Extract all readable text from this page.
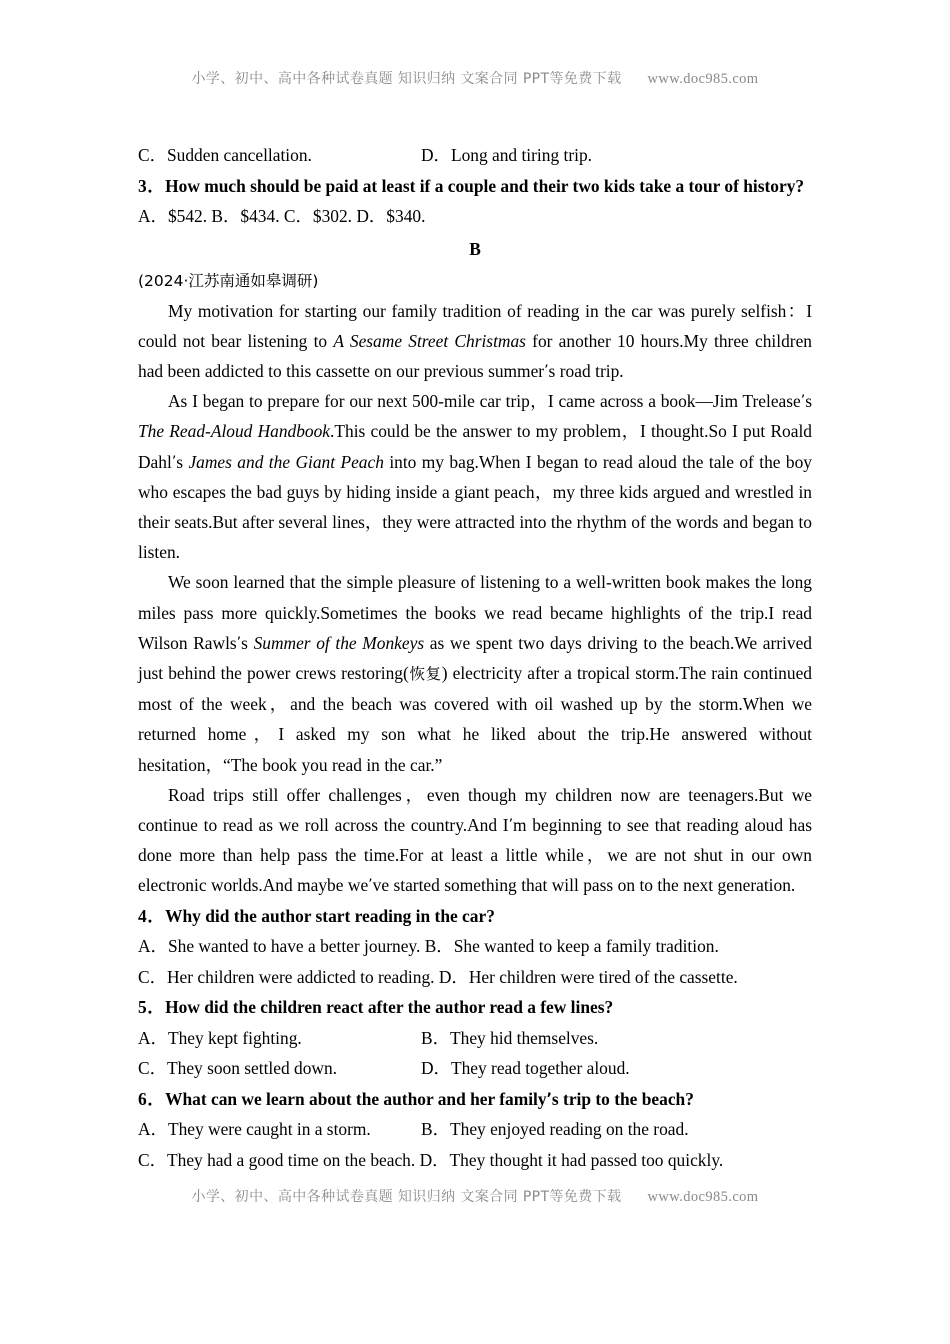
小学、初中、高中各种试卷真题 知识归纳 文案合同 PPT等免费下载 www.doc985.com

C．Sudden cancellation.	D．Long and tiring trip.

3．How much should be paid at least if a couple and their two kids take a tour of history?

A．$542. B．$434. C．$302. D．$340.

B

(2024·江苏南通如皋调研)

My motivation for starting our family tradition of reading in the car was purely selfish：I could not bear listening to A Sesame Street Christmas for another 10 hours.My three children had been addicted to this cassette on our previous summer’s road trip.

As I began to prepare for our next 500-mile car trip，I came across a book—Jim Trelease’s The Read-Aloud Handbook.This could be the answer to my problem，I thought.So I put Roald Dahl’s James and the Giant Peach into my bag.When I began to read aloud the tale of the boy who escapes the bad guys by hiding inside a giant peach，my three kids argued and wrestled in their seats.But after several lines，they were attracted into the rhythm of the words and began to listen.

We soon learned that the simple pleasure of listening to a well-written book makes the long miles pass more quickly.Sometimes the books we read became highlights of the trip.I read Wilson Rawls’s Summer of the Monkeys as we spent two days driving to the beach.We arrived just behind the power crews restoring(恢复) electricity after a tropical storm.The rain continued most of the week，and the beach was covered with oil washed up by the storm.When we returned home，I asked my son what he liked about the trip.He answered without hesitation，“The book you read in the car.”

Road trips still offer challenges，even though my children now are teenagers.But we continue to read as we roll across the country.And I’m beginning to see that reading aloud has done more than help pass the time.For at least a little while，we are not shut in our own electronic worlds.And maybe we’ve started something that will pass on to the next generation.

4．Why did the author start reading in the car?

A．She wanted to have a better journey. B．She wanted to keep a family tradition.

C．Her children were addicted to reading. D．Her children were tired of the cassette.

5．How did the children react after the author read a few lines?

A．They kept fighting.	B．They hid themselves.

C．They soon settled down.	D．They read together aloud.

6．What can we learn about the author and her family’s trip to the beach?

A．They were caught in a storm.	B．They enjoyed reading on the road.

C．They had a good time on the beach. D．They thought it had passed too quickly.

小学、初中、高中各种试卷真题 知识归纳 文案合同 PPT等免费下载 www.doc985.com
